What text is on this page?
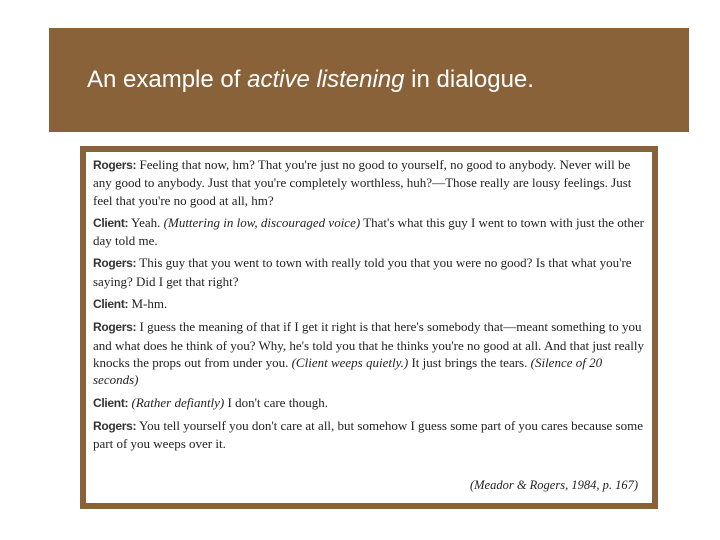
An example of active listening in dialogue.
Rogers: Feeling that now, hm? That you're just no good to yourself, no good to anybody. Never will be any good to anybody. Just that you're completely worthless, huh?—Those really are lousy feelings. Just feel that you're no good at all, hm?
Client: Yeah. (Muttering in low, discouraged voice) That's what this guy I went to town with just the other day told me.
Rogers: This guy that you went to town with really told you that you were no good? Is that what you're saying? Did I get that right?
Client: M-hm.
Rogers: I guess the meaning of that if I get it right is that here's somebody that—meant something to you and what does he think of you? Why, he's told you that he thinks you're no good at all. And that just really knocks the props out from under you. (Client weeps quietly.) It just brings the tears. (Silence of 20 seconds)
Client: (Rather defiantly) I don't care though.
Rogers: You tell yourself you don't care at all, but somehow I guess some part of you cares because some part of you weeps over it.
(Meador & Rogers, 1984, p. 167)
